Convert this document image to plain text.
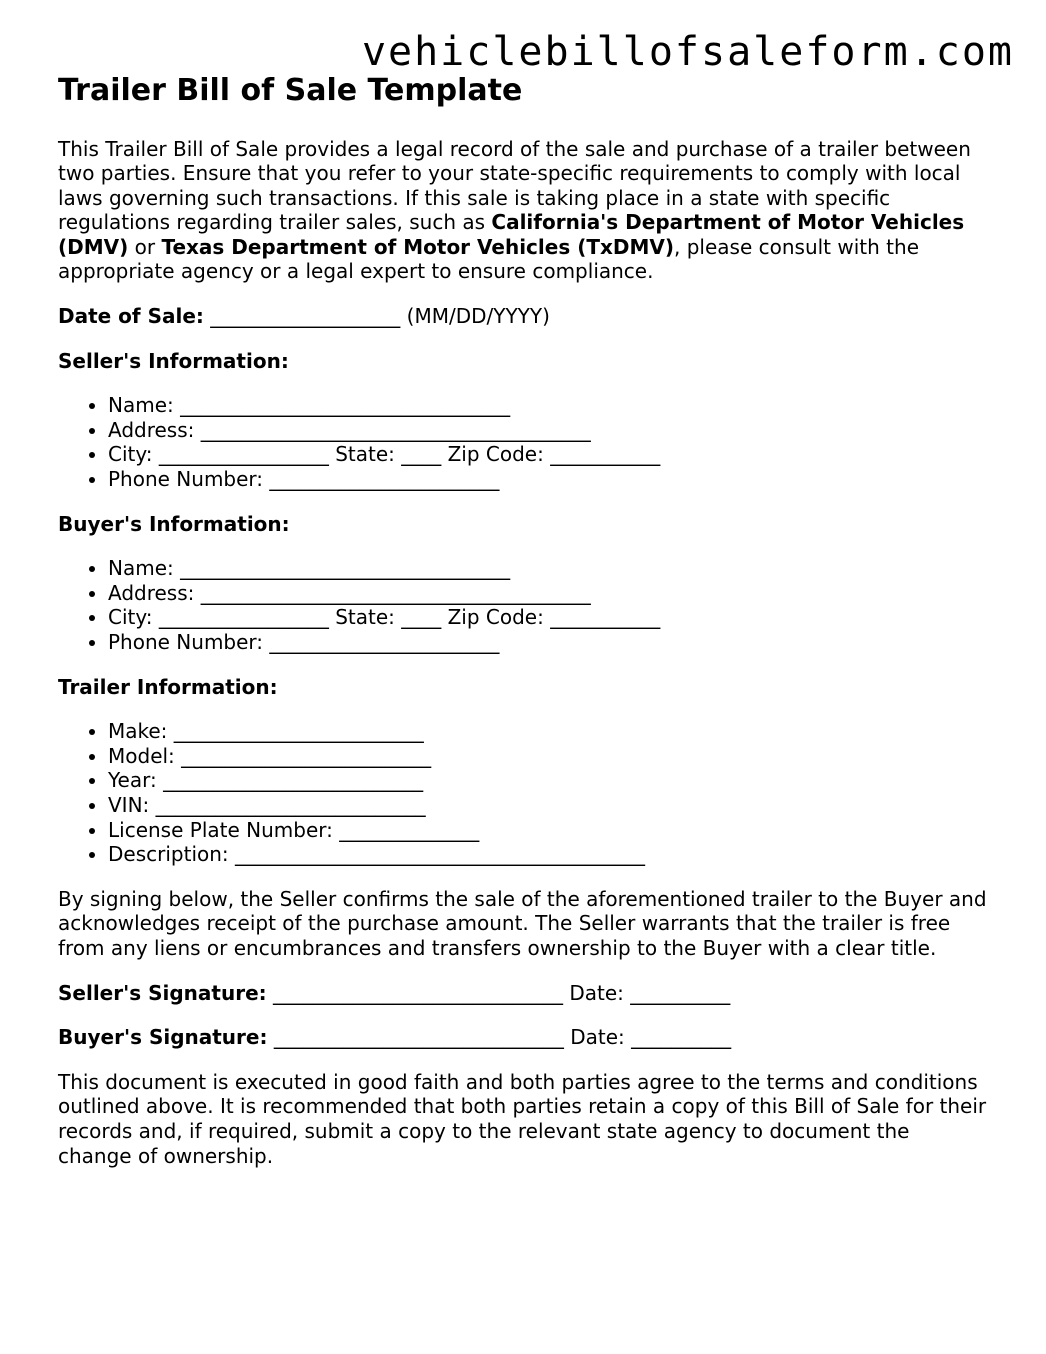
vehiclebillofsaleform.com
Trailer Bill of Sale Template

This Trailer Bill of Sale provides a legal record of the sale and purchase of a trailer between two parties. Ensure that you refer to your state-specific requirements to comply with local laws governing such transactions. If this sale is taking place in a state with specific regulations regarding trailer sales, such as California's Department of Motor Vehicles (DMV) or Texas Department of Motor Vehicles (TxDMV), please consult with the appropriate agency or a legal expert to ensure compliance.

Date of Sale: ___________________ (MM/DD/YYYY)

Seller's Information:

• Name: _________________________________
• Address: _______________________________________
• City: _________________ State: ____ Zip Code: ___________
• Phone Number: _______________________

Buyer's Information:

• Name: _________________________________
• Address: _______________________________________
• City: _________________ State: ____ Zip Code: ___________
• Phone Number: _______________________

Trailer Information:

• Make: _________________________
• Model: _________________________
• Year: __________________________
• VIN: ___________________________
• License Plate Number: ______________
• Description: _________________________________________

By signing below, the Seller confirms the sale of the aforementioned trailer to the Buyer and acknowledges receipt of the purchase amount. The Seller warrants that the trailer is free from any liens or encumbrances and transfers ownership to the Buyer with a clear title.

Seller's Signature: _____________________________ Date: __________

Buyer's Signature: _____________________________ Date: __________

This document is executed in good faith and both parties agree to the terms and conditions outlined above. It is recommended that both parties retain a copy of this Bill of Sale for their records and, if required, submit a copy to the relevant state agency to document the change of ownership.
